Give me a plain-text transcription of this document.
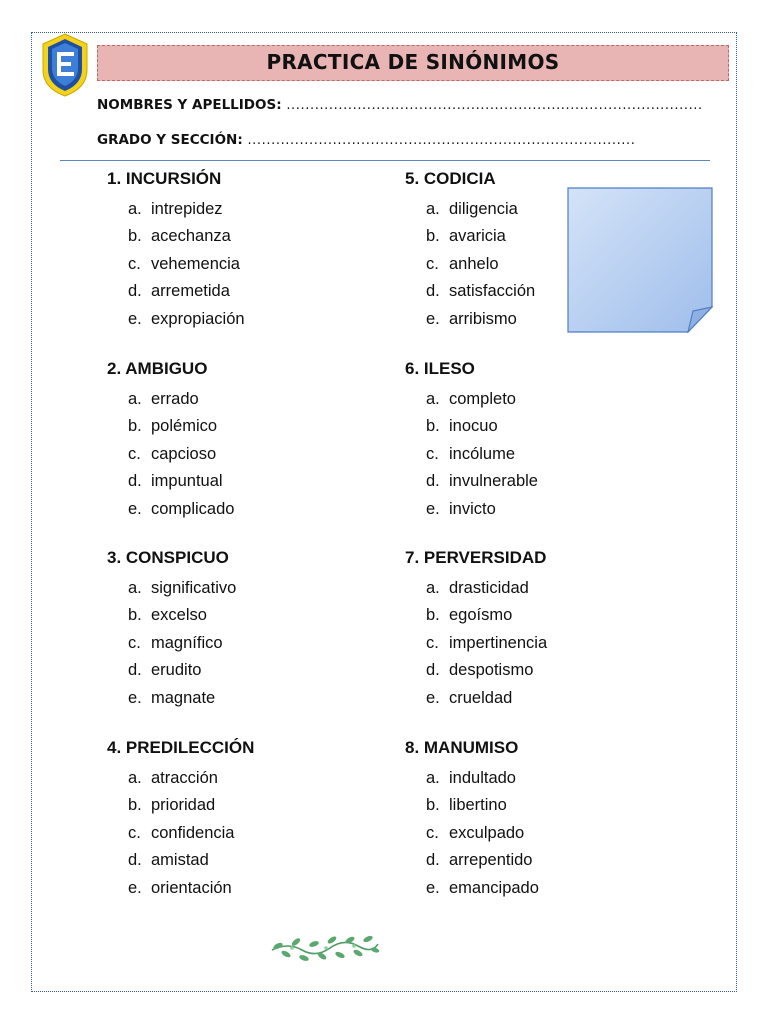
PRACTICA DE SINÓNIMOS
NOMBRES Y APELLIDOS: ........................................................................................
GRADO Y SECCIÓN: ..................................................................................
1. INCURSIÓN
a. intrepidez
b. acechanza
c. vehemencia
d. arremetida
e. expropiación
2. AMBIGUO
a. errado
b. polémico
c. capcioso
d. impuntual
e. complicado
3. CONSPICUO
a. significativo
b. excelso
c. magnífico
d. erudito
e. magnate
4. PREDILECCIÓN
a. atracción
b. prioridad
c. confidencia
d. amistad
e. orientación
5. CODICIA
a. diligencia
b. avaricia
c. anhelo
d. satisfacción
e. arribismo
6. ILESO
a. completo
b. inocuo
c. incólume
d. invulnerable
e. invicto
7. PERVERSIDAD
a. drasticidad
b. egoísmo
c. impertinencia
d. despotismo
e. crueldad
8. MANUMISO
a. indultado
b. libertino
c. exculpado
d. arrepentido
e. emancipado
